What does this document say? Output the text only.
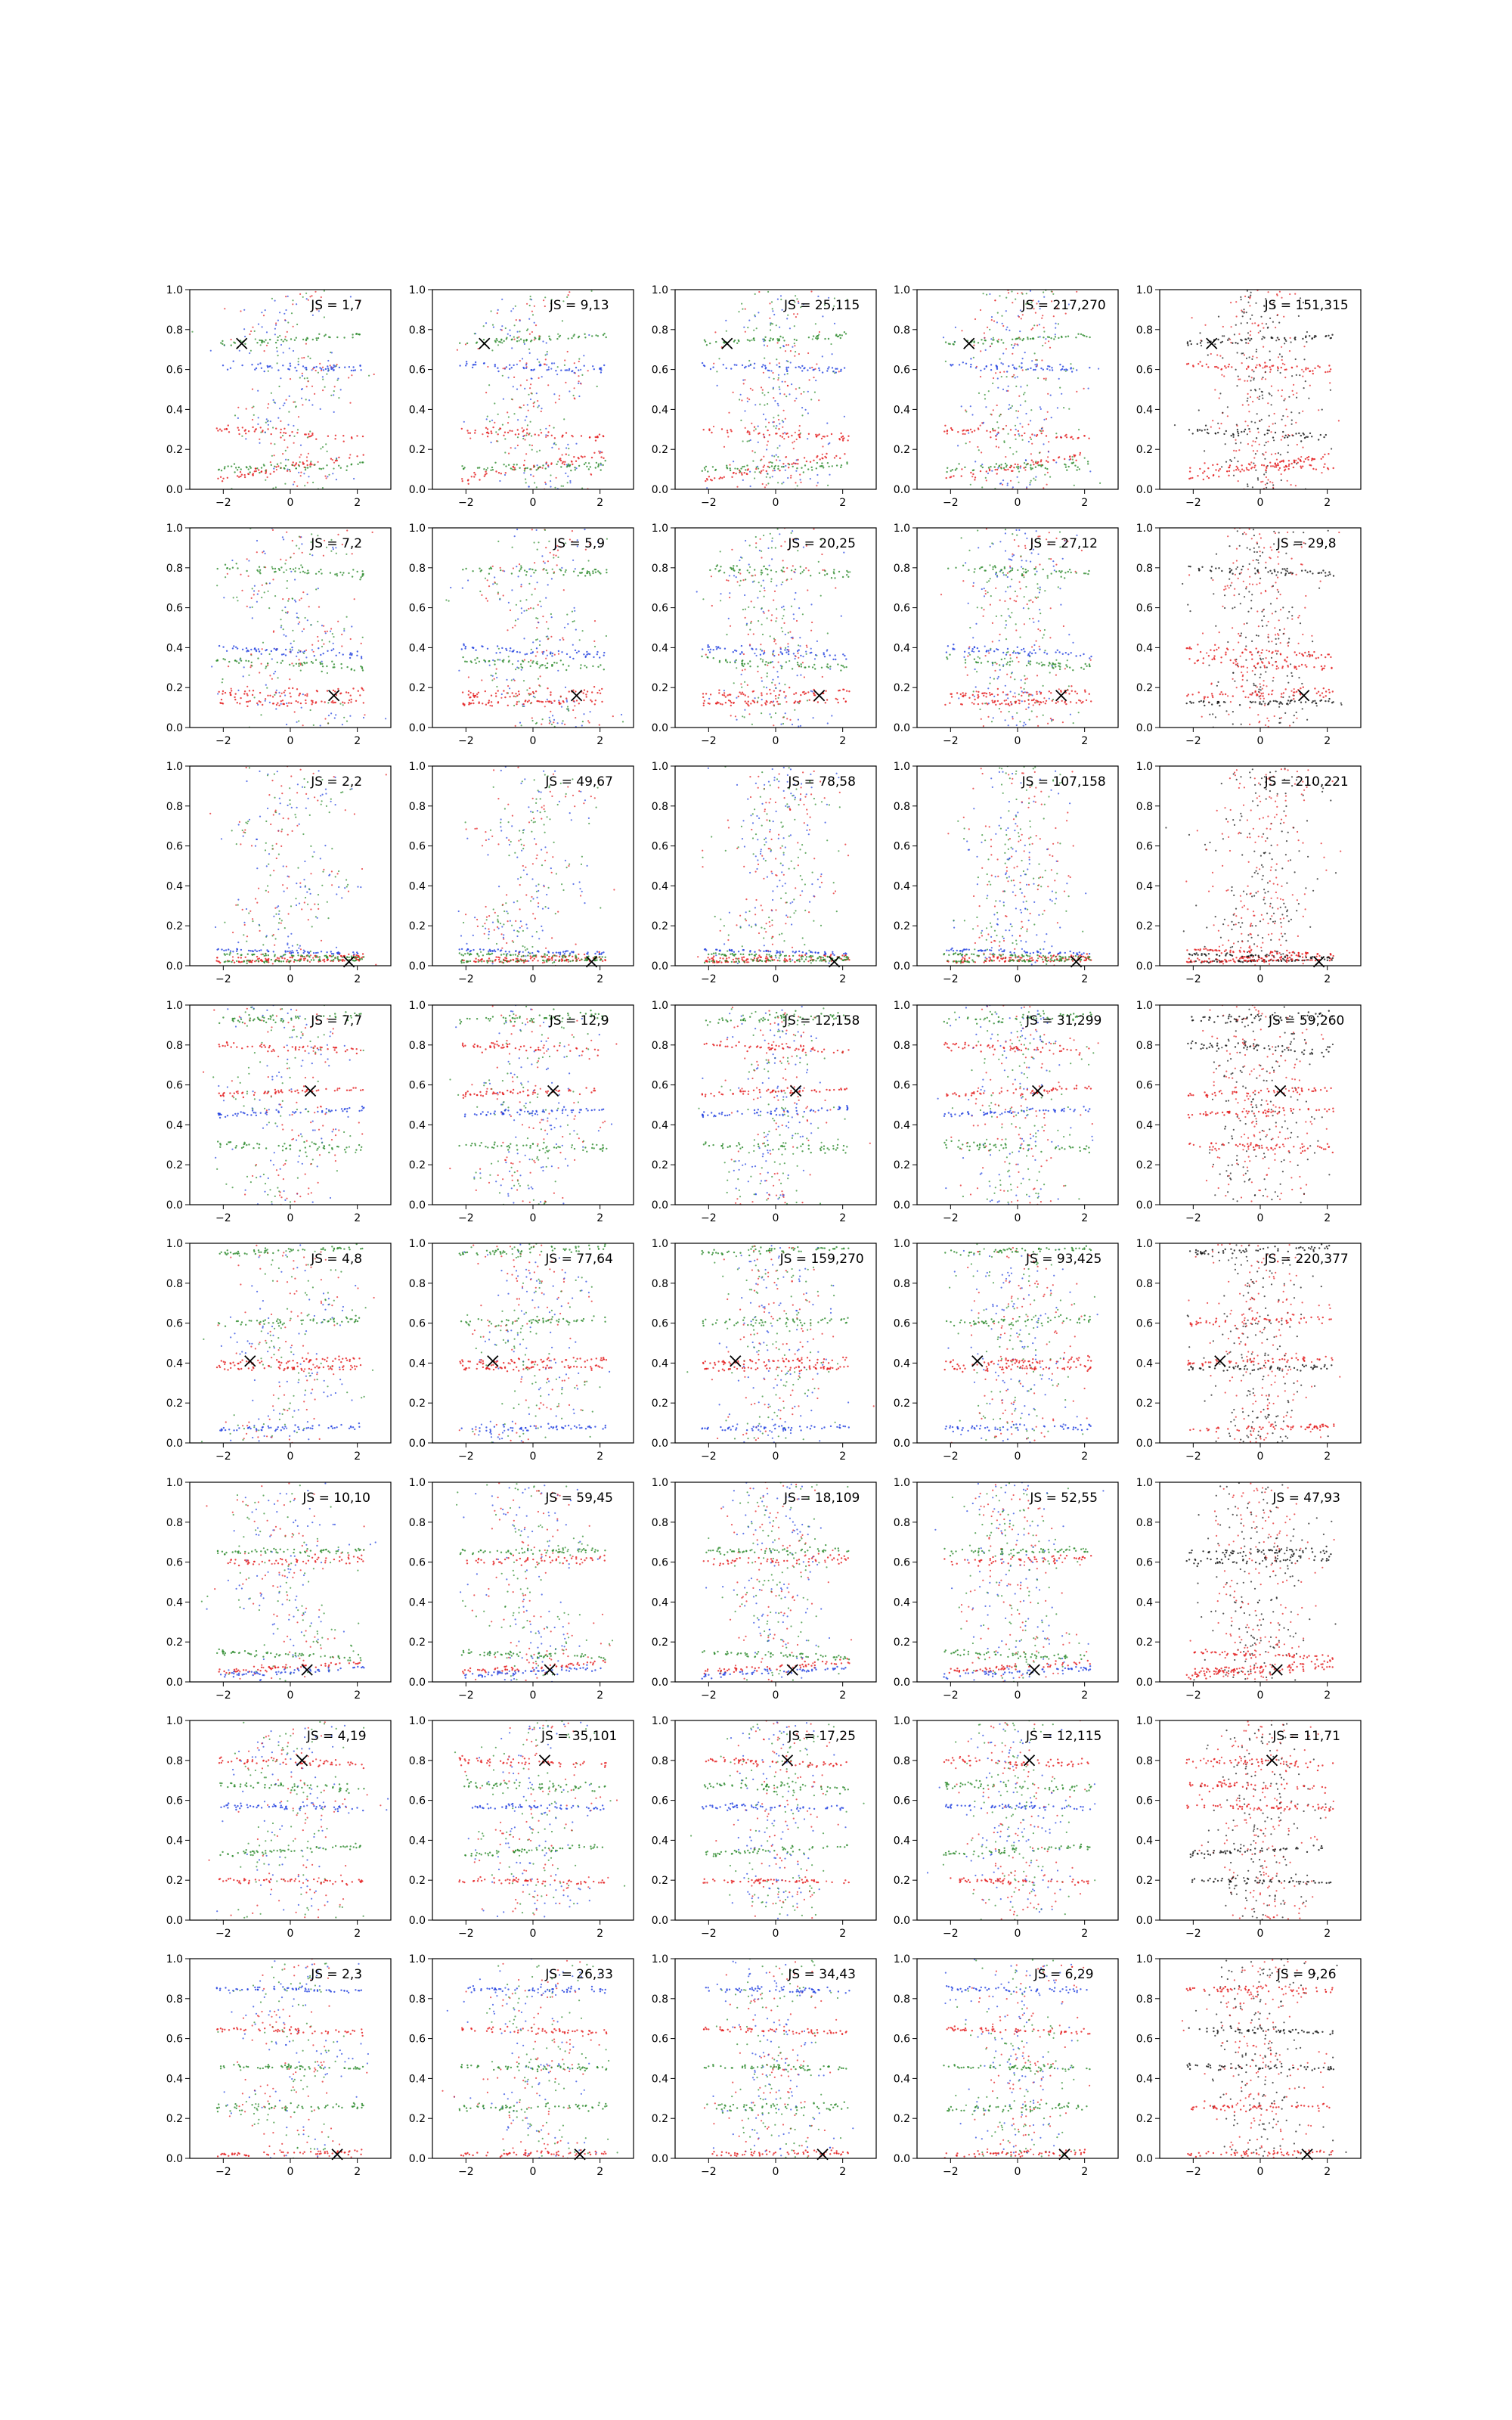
−2	0	2
0.0
0.2
0.4
0.6
0.8
1.0
JS = 1,7
−2	0	2
0.0
0.2
0.4
0.6
0.8
1.0
JS = 9,13
−2	0	2
0.0
0.2
0.4
0.6
0.8
1.0
JS = 25,115
−2	0	2
0.0
0.2
0.4
0.6
0.8
1.0
JS = 217,270
−2	0	2
0.0
0.2
0.4
0.6
0.8
1.0
JS = 151,315
−2	0	2
0.0
0.2
0.4
0.6
0.8
1.0
JS = 7,2
−2	0	2
0.0
0.2
0.4
0.6
0.8
1.0
JS = 5,9
−2	0	2
0.0
0.2
0.4
0.6
0.8
1.0
JS = 20,25
−2	0	2
0.0
0.2
0.4
0.6
0.8
1.0
JS = 27,12
−2	0	2
0.0
0.2
0.4
0.6
0.8
1.0
JS = 29,8
−2	0	2
0.0
0.2
0.4
0.6
0.8
1.0
JS = 2,2
−2	0	2
0.0
0.2
0.4
0.6
0.8
1.0
JS = 49,67
−2	0	2
0.0
0.2
0.4
0.6
0.8
1.0
JS = 78,58
−2	0	2
0.0
0.2
0.4
0.6
0.8
1.0
JS = 107,158
−2	0	2
0.0
0.2
0.4
0.6
0.8
1.0
JS = 210,221
−2	0	2
0.0
0.2
0.4
0.6
0.8
1.0
JS = 7,7
−2	0	2
0.0
0.2
0.4
0.6
0.8
1.0
JS = 12,9
−2	0	2
0.0
0.2
0.4
0.6
0.8
1.0
JS = 12,158
−2	0	2
0.0
0.2
0.4
0.6
0.8
1.0
JS = 31,299
−2	0	2
0.0
0.2
0.4
0.6
0.8
1.0
JS = 59,260
−2	0	2
0.0
0.2
0.4
0.6
0.8
1.0
JS = 4,8
−2	0	2
0.0
0.2
0.4
0.6
0.8
1.0
JS = 77,64
−2	0	2
0.0
0.2
0.4
0.6
0.8
1.0
JS = 159,270
−2	0	2
0.0
0.2
0.4
0.6
0.8
1.0
JS = 93,425
−2	0	2
0.0
0.2
0.4
0.6
0.8
1.0
JS = 220,377
−2	0	2
0.0
0.2
0.4
0.6
0.8
1.0
JS = 10,10
−2	0	2
0.0
0.2
0.4
0.6
0.8
1.0
JS = 59,45
−2	0	2
0.0
0.2
0.4
0.6
0.8
1.0
JS = 18,109
−2	0	2
0.0
0.2
0.4
0.6
0.8
1.0
JS = 52,55
−2	0	2
0.0
0.2
0.4
0.6
0.8
1.0
JS = 47,93
−2	0	2
0.0
0.2
0.4
0.6
0.8
1.0
JS = 4,19
−2	0	2
0.0
0.2
0.4
0.6
0.8
1.0
JS = 35,101
−2	0	2
0.0
0.2
0.4
0.6
0.8
1.0
JS = 17,25
−2	0	2
0.0
0.2
0.4
0.6
0.8
1.0
JS = 12,115
−2	0	2
0.0
0.2
0.4
0.6
0.8
1.0
JS = 11,71
−2	0	2
0.0
0.2
0.4
0.6
0.8
1.0
JS = 2,3
−2	0	2
0.0
0.2
0.4
0.6
0.8
1.0
JS = 26,33
−2	0	2
0.0
0.2
0.4
0.6
0.8
1.0
JS = 34,43
−2	0	2
0.0
0.2
0.4
0.6
0.8
1.0
JS = 6,29
−2	0	2
0.0
0.2
0.4
0.6
0.8
1.0
JS = 9,26
